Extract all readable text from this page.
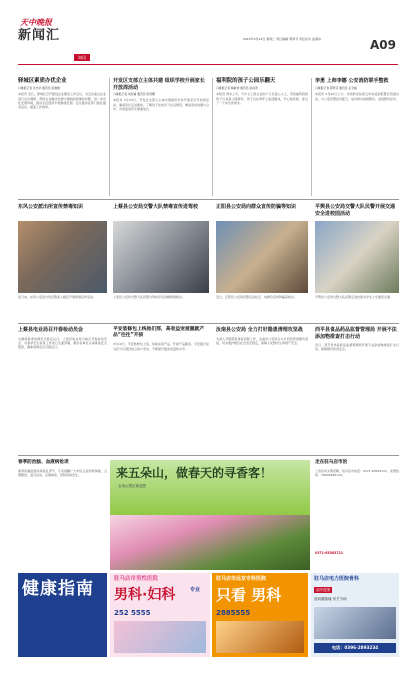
天中晚报
新闻汇
知讯
2015年3月24日 星期二 责任编辑 郭翠芬 责任校对 赵春伟	A09
驿城区素质办优企业
口晚报记者 李志华 通讯员 张晓旗
本报讯 近日，驿城区召开推进企业服务工作会议，对全区重点企业进行走访调研，帮助企业解决发展中遇到的困难和问题，进一步优化发展环境，推动全区经济平稳健康发展。会议要求各部门强化服务意识，提高工作效率。
开发区支部立主体共建 组织学校升展家长开放周活动
口晚报记者 刘家铺 通讯员 杨雪娜
本报讯 3月23日，开发区支部立主体共建组织学校开展家长开放周活动，邀请家长走进课堂，了解孩子在校学习生活情况，增进家校沟通与合作，共同促进学生健康成长。
福利院的孩子公园乐翻天
口晚报记者 韩敏欢 通讯员 赵昌涛
本报讯 周末上午，天中义工联合会的十几名爱心人士，带着福利院的孩子们来到公园游玩，孩子们在草坪上追逐嬉戏，开心地玩耍，度过了一个快乐的周末。
李勇 上师李娜 公安消防联手整救
口晚报记者 郭翠芬 通讯员 孔令娟
本报讯 3月22日上午，市消防支队第五中队接到报警后迅速出动，与公安民警密切配合，成功救出被困群众，受到群众好评。
东风公安派出所宣传禁毒知识
连日来，东风公安派出所民警深入辖区开展禁毒宣传活动。
上蔡县公安局交警大队禁毒宣传进驾校
上蔡县公安局交警大队民警为驾校学员讲解禁毒知识。
正阳县公安局向群众宣传防骗等知识
近日，正阳县公安局民警走进社区，向群众宣传防骗等知识。
平舆县公安局交警大队民警开展交通安全进校园活动
平舆县公安局交警大队民警走进校园为学生上交通安全课。
上蔡县电业局召开春检动员会
为确保春季电网安全稳定运行，上蔡县电业局日前召开春检动员会，对春季安全检查工作进行全面部署，要求各单位认真排查安全隐患，确保电网安全可靠运行。
平安装修包上线他们那，高收益宠爱腿就产品“往往”开拔
3月10日，平安装修包上线，持续完善产品，开拔产品服务，平安银行驻马店分行紧密结合客户需求，不断提升服务质量和水平。
汝南县公安局 全力打好隐患清理攻坚战
为深入开展隐患排查治理工作，汝南县公安局全力打好隐患清理攻坚战，切实维护辖区社会治安稳定，保障人民群众生命财产安全。
西平县食品药品监督管理局 开展不法添加物排查打击行动
近日，西平县食品药品监督管理局开展不法添加物排查打击行动，保障群众饮食安全。
春季防治脑、血液病抢项
春季是脑血管疾病高发季节，专家提醒广大市民注意防寒保暖，合理膳食，适当运动，定期体检，预防疾病发生。	来五朵山，做春天的寻香客！
五朵山景区欢迎您
走在驻马店市的
上蔡县汤文明招聘，驻马店市电话：0371-63563721，免费热线：18003965110。
0371-63563721
健康指南	驻马店市男性医院
男科·妇科	专业
252 5555
驻马店市远京专科医院
只看 男科
2885555
驻马店电力医院骨科
治疗范围
颈肩腰腿痛 骨关节病
电话：0396-2893234
